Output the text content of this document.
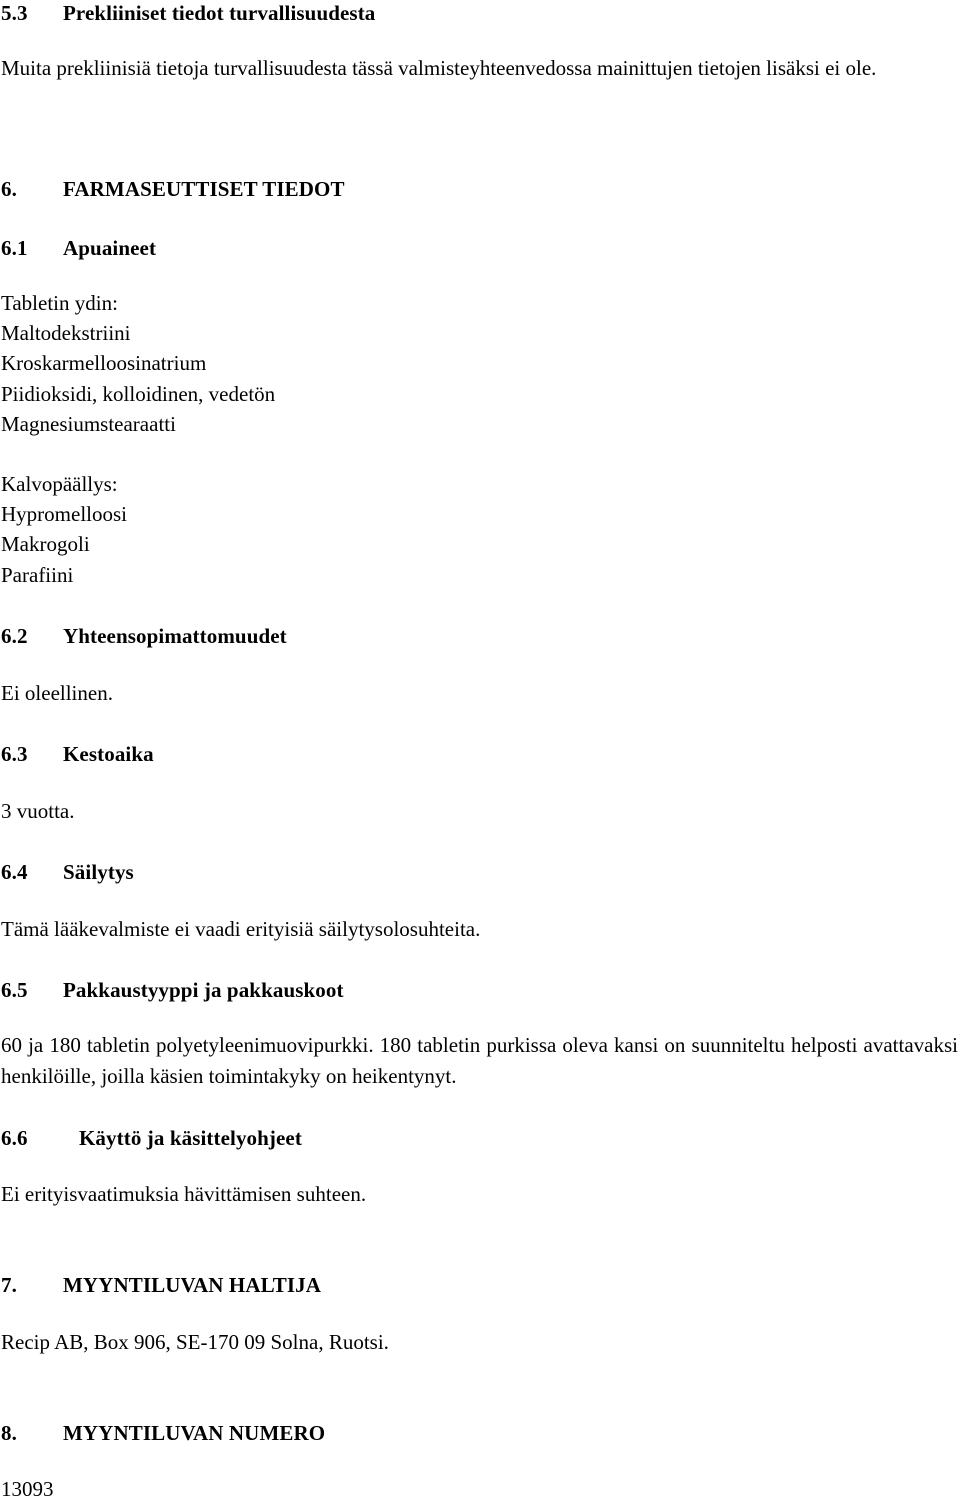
5.3 Prekliiniset tiedot turvallisuudesta
Muita prekliinisiä tietoja turvallisuudesta tässä valmisteyhteenvedossa mainittujen tietojen lisäksi ei ole.
6. FARMASEUTTISET TIEDOT
6.1 Apuaineet
Tabletin ydin:
Maltodekstriini
Kroskarmelloosinatrium
Piidioksidi, kolloidinen, vedetön
Magnesiumstearaatti
Kalvopäällys:
Hypromelloosi
Makrogoli
Parafiini
6.2 Yhteensopimattomuudet
Ei oleellinen.
6.3 Kestoaika
3 vuotta.
6.4 Säilytys
Tämä lääkevalmiste ei vaadi erityisiä säilytysolosuhteita.
6.5 Pakkaustyyppi ja pakkauskoot
60 ja 180 tabletin polyetyleenimuovipurkki. 180 tabletin purkissa oleva kansi on suunniteltu helposti avattavaksi henkilöille, joilla käsien toimintakyky on heikentynyt.
6.6 Käyttö ja käsittelyohjeet
Ei erityisvaatimuksia hävittämisen suhteen.
7. MYYNTILUVAN HALTIJA
Recip AB, Box 906, SE-170 09 Solna, Ruotsi.
8. MYYNTILUVAN NUMERO
13093
